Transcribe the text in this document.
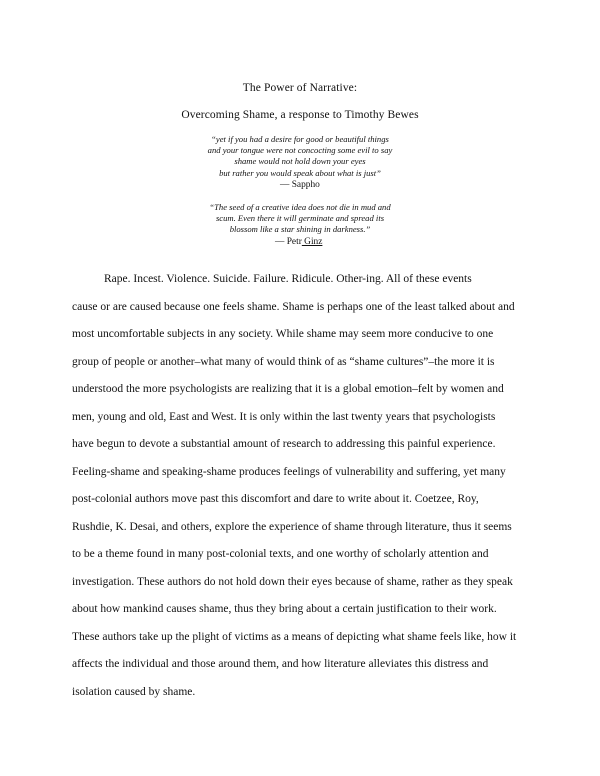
The Power of Narrative:
Overcoming Shame, a response to Timothy Bewes
“yet if you had a desire for good or beautiful things
and your tongue were not concocting some evil to say
shame would not hold down your eyes
but rather you would speak about what is just”
— Sappho
“The seed of a creative idea does not die in mud and
scum. Even there it will germinate and spread its
blossom like a star shining in darkness.”
— Petr Ginz
Rape. Incest. Violence. Suicide. Failure. Ridicule. Other-ing. All of these events
cause or are caused because one feels shame. Shame is perhaps one of the least talked about and
most uncomfortable subjects in any society. While shame may seem more conducive to one
group of people or another–what many of would think of as “shame cultures”–the more it is
understood the more psychologists are realizing that it is a global emotion–felt by women and
men, young and old, East and West. It is only within the last twenty years that psychologists
have begun to devote a substantial amount of research to addressing this painful experience.
Feeling-shame and speaking-shame produces feelings of vulnerability and suffering, yet many
post-colonial authors move past this discomfort and dare to write about it. Coetzee, Roy,
Rushdie, K. Desai, and others, explore the experience of shame through literature, thus it seems
to be a theme found in many post-colonial texts, and one worthy of scholarly attention and
investigation. These authors do not hold down their eyes because of shame, rather as they speak
about how mankind causes shame, thus they bring about a certain justification to their work.
These authors take up the plight of victims as a means of depicting what shame feels like, how it
affects the individual and those around them, and how literature alleviates this distress and
isolation caused by shame.
